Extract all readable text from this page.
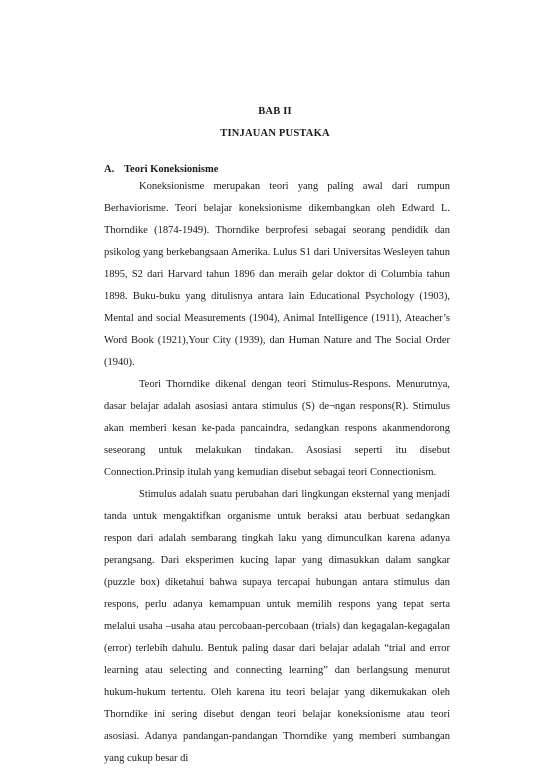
BAB II
TINJAUAN PUSTAKA
A. Teori Koneksionisme

Koneksionisme merupakan teori yang paling awal dari rumpun Berhaviorisme. Teori belajar koneksionisme dikembangkan oleh Edward L. Thorndike (1874-1949). Thorndike berprofesi sebagai seorang pendidik dan psikolog yang berkebangsaan Amerika. Lulus S1 dari Universitas Wesleyen tahun 1895, S2 dari Harvard tahun 1896 dan meraih gelar doktor di Columbia tahun 1898. Buku-buku yang ditulisnya antara lain Educational Psychology (1903), Mental and social Measurements (1904), Animal Intelligence (1911), Ateacher’s Word Book (1921),Your City (1939), dan Human Nature and The Social Order (1940).

Teori Thorndike dikenal dengan teori Stimulus-Respons. Menurutnya, dasar belajar adalah asosiasi antara stimulus (S) de¬ngan respons(R). Stimulus akan memberi kesan ke-pada pancaindra, sedangkan respons akanmendorong seseorang untuk melakukan tindakan. Asosiasi seperti itu disebut Connection.Prinsip itulah yang kemudian disebut sebagai teori Connectionism.

Stimulus adalah suatu perubahan dari lingkungan eksternal yang menjadi tanda untuk mengaktifkan organisme untuk beraksi atau berbuat sedangkan respon dari adalah sembarang tingkah laku yang dimunculkan karena adanya perangsang. Dari eksperimen kucing lapar yang dimasukkan dalam sangkar (puzzle box) diketahui bahwa supaya tercapai hubungan antara stimulus dan respons, perlu adanya kemampuan untuk memilih respons yang tepat serta melalui usaha –usaha atau percobaan-percobaan (trials) dan kegagalan-kegagalan (error) terlebih dahulu. Bentuk paling dasar dari belajar adalah “trial and error learning atau selecting and connecting learning” dan berlangsung menurut hukum-hukum tertentu. Oleh karena itu teori belajar yang dikemukakan oleh Thorndike ini sering disebut dengan teori belajar koneksionisme atau teori asosiasi. Adanya pandangan-pandangan Thorndike yang memberi sumbangan yang cukup besar di
